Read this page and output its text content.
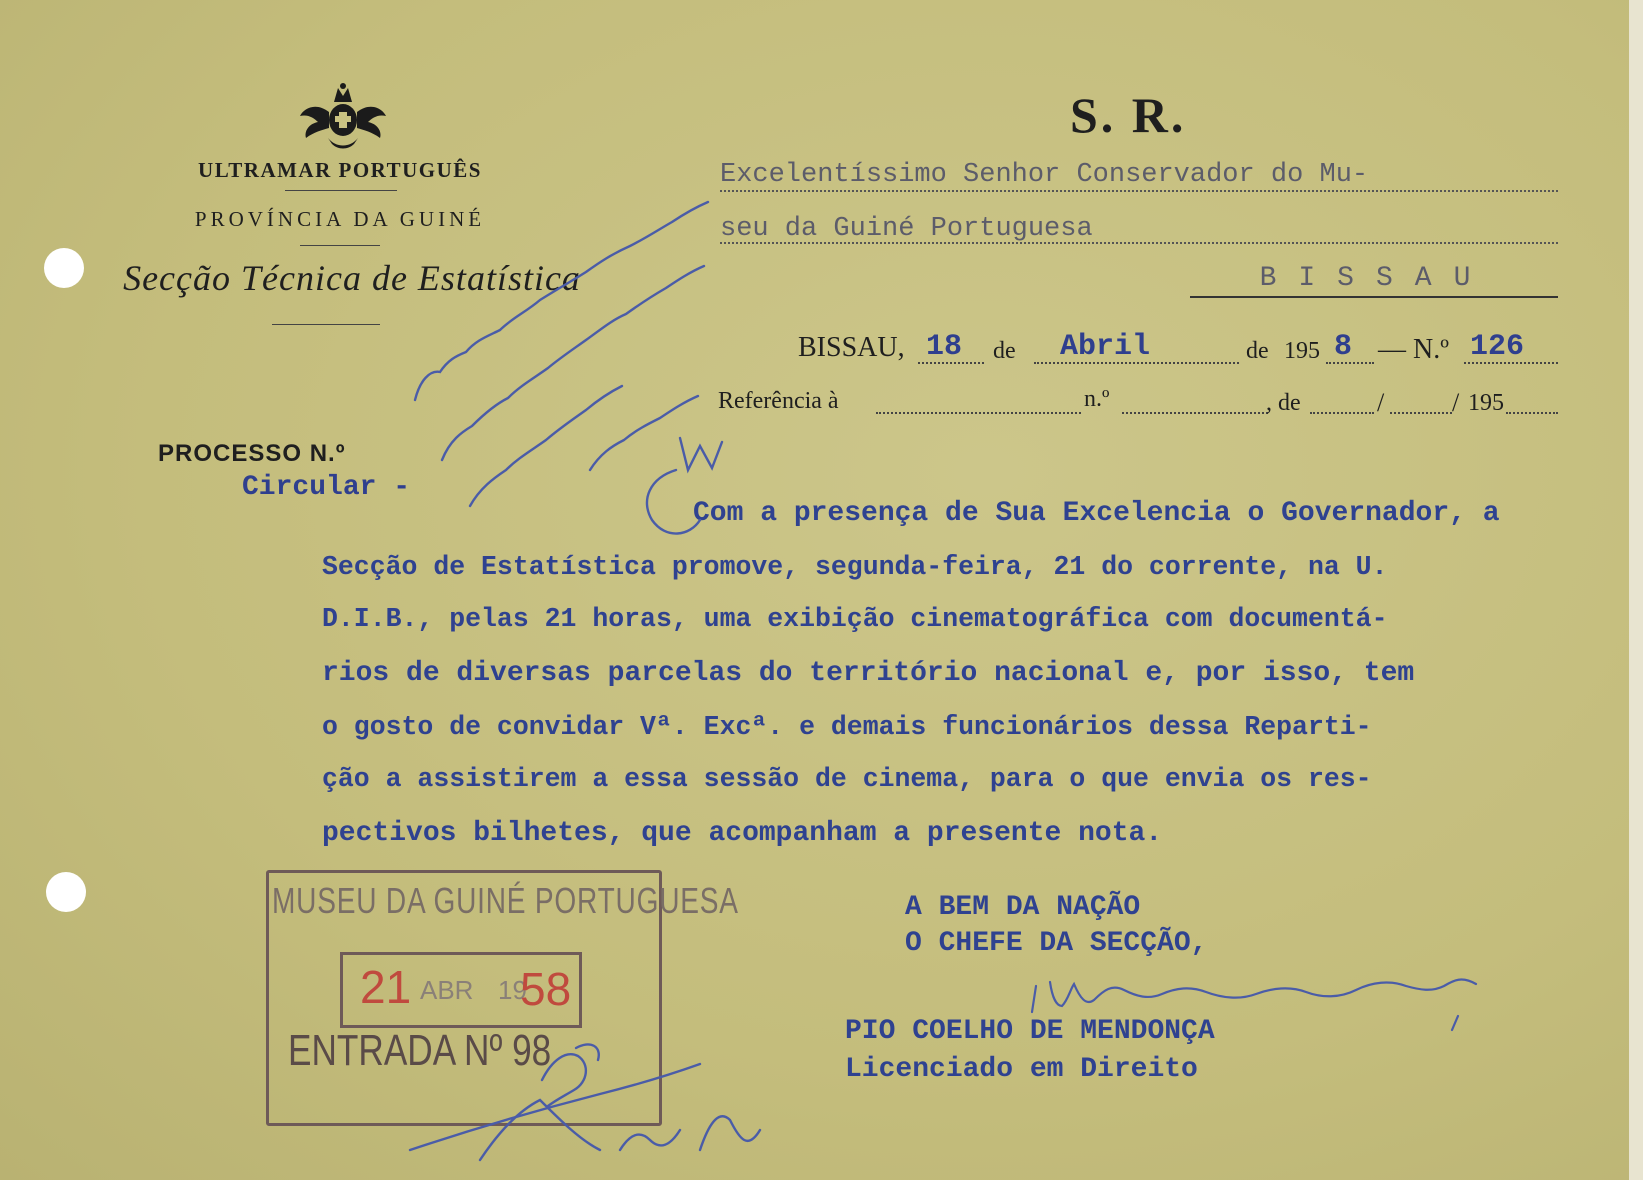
ULTRAMAR PORTUGUÊS
PROVÍNCIA DA GUINÉ
Secção Técnica de Estatística
S. R.
Excelentíssimo Senhor Conservador do Mu-
seu da Guiné Portuguesa
BISSAU
BISSAU, 18 de Abril	de 195 8 — N.º 126
Referência à	n.º	, de	/	/ 195
PROCESSO N.º
Circular -
Com a presença de Sua Excelencia o Governador, a
Secção de Estatística promove, segunda-feira, 21 do corrente, na U.
D.I.B., pelas 21 horas, uma exibição cinematográfica com documentá-
rios de diversas parcelas do território nacional e, por isso, tem
o gosto de convidar Vª. Excª. e demais funcionários dessa Reparti-
ção a assistirem a essa sessão de cinema, para o que envia os res-
pectivos bilhetes, que acompanham a presente nota.
A BEM DA NAÇÃO
O CHEFE DA SECÇÃO,
PIO COELHO DE MENDONÇA
Licenciado em Direito
MUSEU DA GUINÉ PORTUGUESA
21 ABR 19
58
ENTRADA Nº 98
